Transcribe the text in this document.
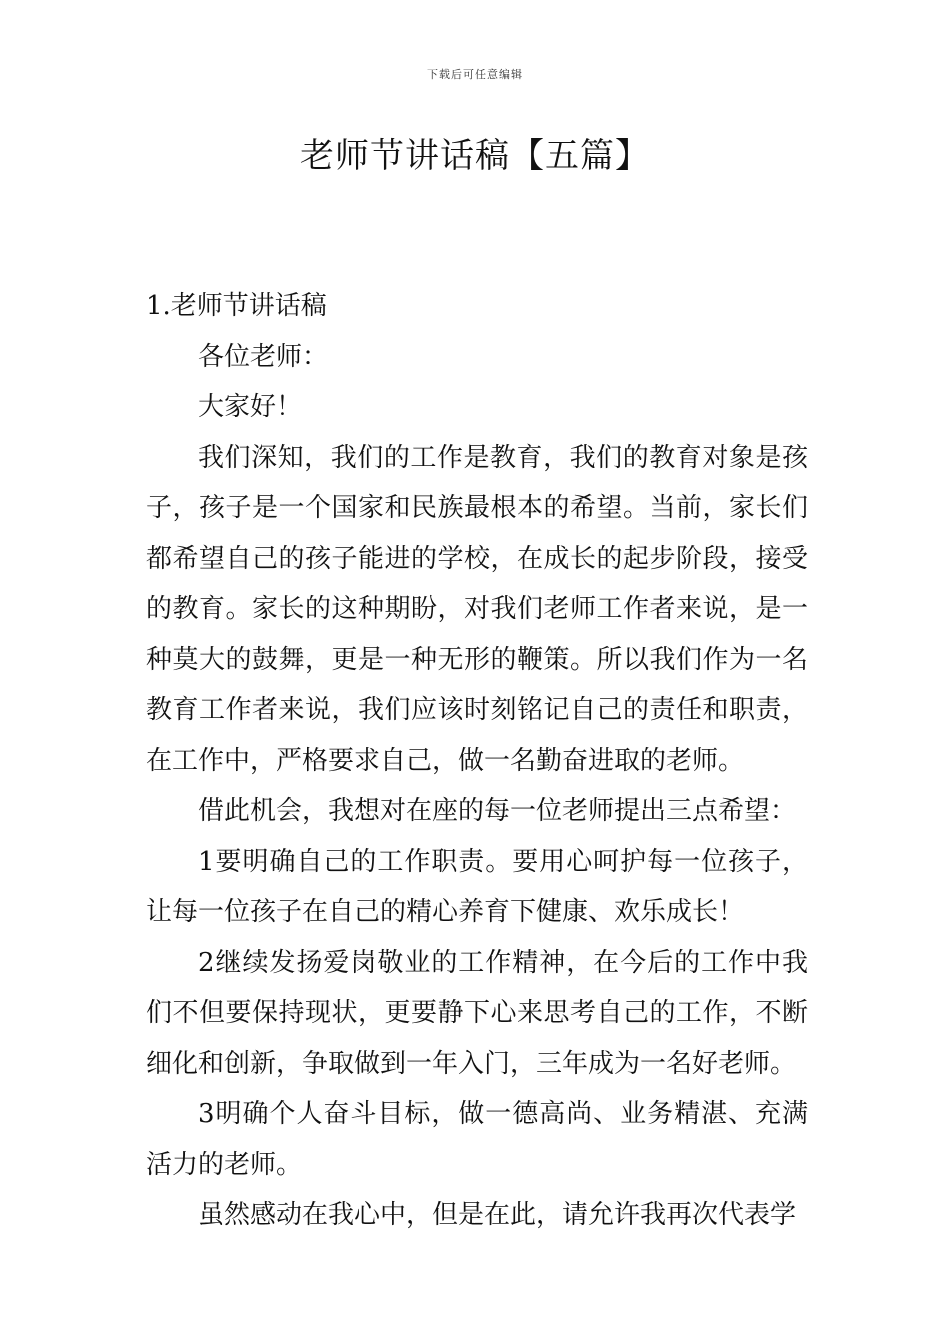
下载后可任意编辑
老师节讲话稿【五篇】

1.老师节讲话稿

各位老师：

大家好！

我们深知，我们的工作是教育，我们的教育对象是孩子，孩子是一个国家和民族最根本的希望。当前，家长们都希望自己的孩子能进的学校，在成长的起步阶段，接受的教育。家长的这种期盼，对我们老师工作者来说，是一种莫大的鼓舞，更是一种无形的鞭策。所以我们作为一名教育工作者来说，我们应该时刻铭记自己的责任和职责，在工作中，严格要求自己，做一名勤奋进取的老师。

借此机会，我想对在座的每一位老师提出三点希望：

1要明确自己的工作职责。要用心呵护每一位孩子，让每一位孩子在自己的精心养育下健康、欢乐成长！

2继续发扬爱岗敬业的工作精神，在今后的工作中我们不但要保持现状，更要静下心来思考自己的工作，不断细化和创新，争取做到一年入门，三年成为一名好老师。

3明确个人奋斗目标，做一德高尚、业务精湛、充满活力的老师。

虽然感动在我心中，但是在此，请允许我再次代表学
